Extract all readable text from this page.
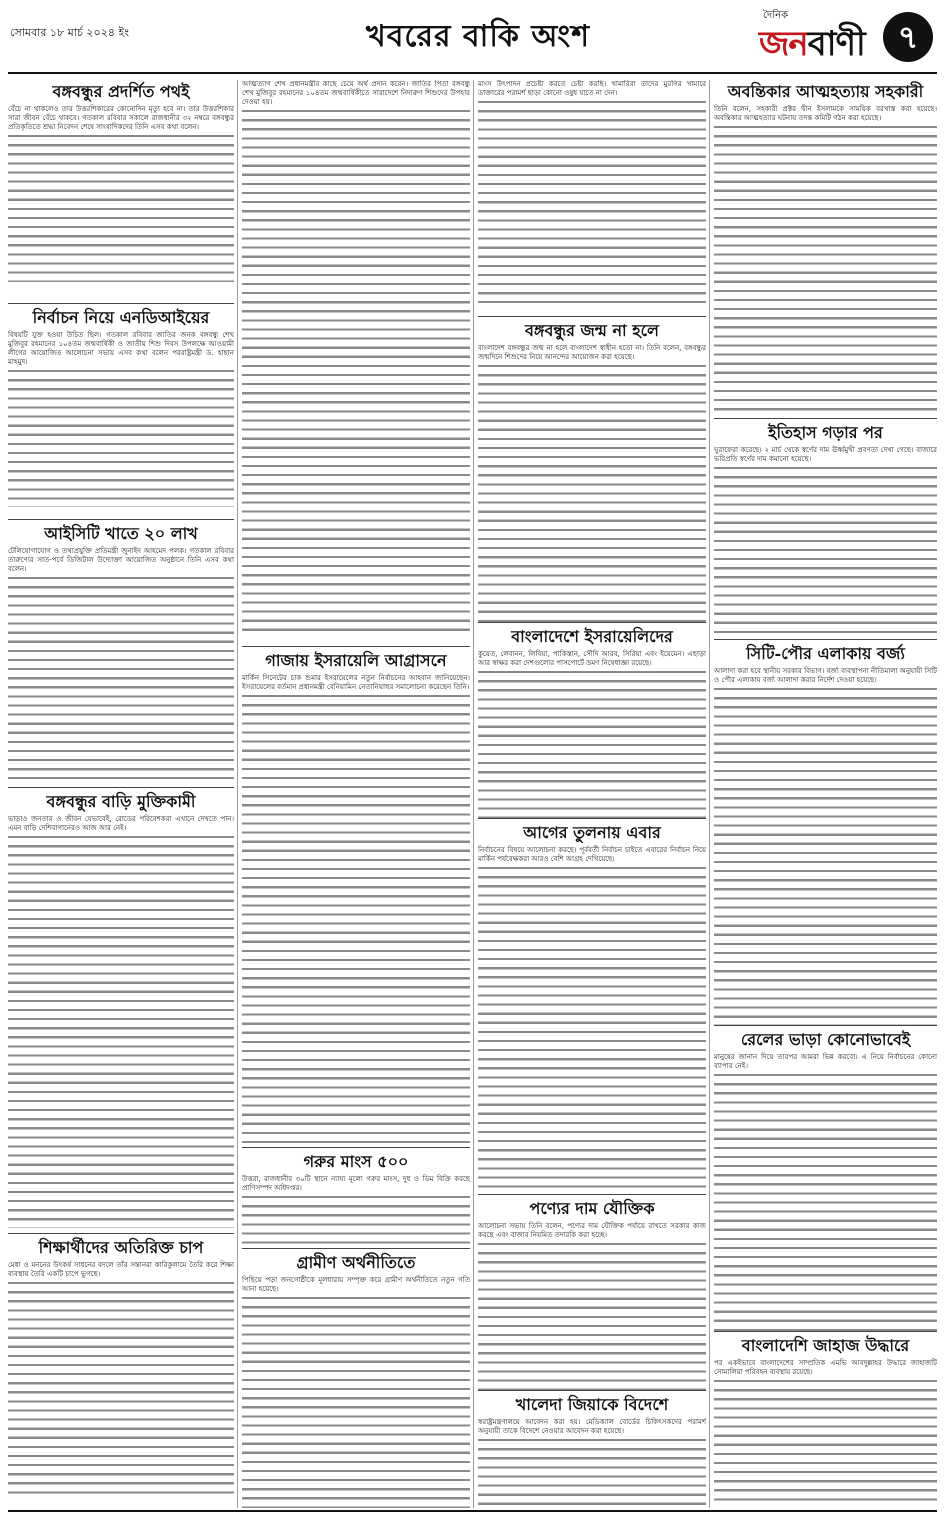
সোমবার ১৮ মার্চ ২০২৪ ইং	খবরের বাকি অংশ
দৈনিক
জনবাণী	৭
বঙ্গবন্ধুর প্রদর্শিত পথই

বেঁচে না থাকলেও তার উত্তরশিকারের কোনোদিন মৃত্যু হবে না। তার উত্তরশিকার সারা জীবন বেঁচে থাকবে। গতকাল রবিবার সকালে রাজধানীর ৩২ নম্বরে বঙ্গবন্ধুর প্রতিকৃতিতে শ্রদ্ধা নিবেদন শেষে সাংবাদিকদের তিনি এসব কথা বলেন।

নির্বাচন নিয়ে এনডিআইয়ের

বিষয়টি যুক্ত হওয়া উচিত ছিল। গতকাল রবিবার জাতির জনক বঙ্গবন্ধু শেখ মুজিবুর রহমানের ১০৪তম জন্মবার্ষিকী ও জাতীয় শিশু দিবস উপলক্ষে আওয়ামী লীগের আয়োজিত আলোচনা সভায় এসব কথা বলেন পররাষ্ট্রমন্ত্রী ড. হাছান মাহমুদ।

আইসিটি খাতে ২০ লাখ

টেলিযোগাযোগ ও তথ্যপ্রযুক্তি প্রতিমন্ত্রী জুনাইদ আহমেদ পলক। গতকাল রবিবার তারুণ্যের সাত-পর্বে ডিজিটাল উদ্যোক্তা আয়োজিত অনুষ্ঠানে তিনি এসব কথা বলেন।

বঙ্গবন্ধুর বাড়ি মুক্তিকামী

ভাড়াও জনতার ও জীবন যেভাবেই, রোডের পরিবেশকরা এখানে দেখতে পান। এমন বাড়ি দেশিবাগানেরও আজ আর নেই।

শিক্ষার্থীদের অতিরিক্ত চাপ

মেধা ও মননের উৎকর্ষ সাধনের বদলে তাঁর সন্তানরা কারিকুলামে তৈরি করে শিক্ষা ব্যবস্থায় তৈরি একটি চাপে ভুগছে।

আত্মত্যাগ শেখ প্রধানমন্ত্রীর কাছে চেয়ে অর্থ প্রদান করেন। জাতির পিতা বঙ্গবন্ধু শেখ মুজিবুর রহমানের ১০৪তম জন্মবার্ষিকীতে সারাদেশে নিদারুণ শিশুদের উপহার দেওয়া হয়।

গাজায় ইসরায়েলি আগ্রাসনে

মার্কিন সিনেটের চাক শুমার ইসরায়েলের নতুন নির্বাচনের আহবান জানিয়েছেন। ইসরায়েলের বর্তমান প্রধানমন্ত্রী বেনিয়ামিন নেতানিয়াহুর সমালোচনা করেছেন তিনি।

গরুর মাংস ৫০০

উত্তরা, রাজধানীর ৩০টি স্থানে ন্যায্য মূল্যে গরুর মাংস, দুধ ও ডিম বিক্রি করছে প্রাণিসম্পদ অধিদপ্তর।

গ্রামীণ অর্থনীতিতে

পিছিয়ে পড়া জনগোষ্ঠীকে মূলধারায় সম্পৃক্ত করে গ্রামীণ অর্থনীতিতে নতুন গতি আনা হয়েছে।

মাংস উৎপাদন প্রচেষ্টা করতে চেষ্টা করছি। খামারিরা তাদের মুরগির খামারে ডাক্তারের পরামর্শ ছাড়া কোনো ওষুধ যাতে না দেন।

বঙ্গবন্ধুর জন্ম না হলে

বাংলাদেশ বঙ্গবন্ধুর জন্ম না হলে বাংলাদেশ স্বাধীন হতো না। তিনি বলেন, বঙ্গবন্ধুর জন্মদিনে শিশুদের নিয়ে আনন্দের আয়োজন করা হয়েছে।

বাংলাদেশে ইসরায়েলিদের

কুয়েত, লেবানন, লিবিয়া, পাকিস্তান, সৌদি আরব, সিরিয়া এবং ইয়েমেন। এছাড়া আর স্বাক্ষর করা দেশগুলোর পাসপোর্টে ভ্রমণ নিষেধাজ্ঞা রয়েছে।

আগের তুলনায় এবার

নির্বাচনের বিষয়ে আলোচনা করছে। পূর্ববর্তী নির্বাচন চাইতে এবারের নির্বাচন নিয়ে মার্কিন পর্যবেক্ষকরা আরও বেশি আগ্রহ দেখিয়েছে।

পণ্যের দাম যৌক্তিক

আলোচনা সভায় তিনি বলেন, পণ্যের দাম যৌক্তিক পর্যায়ে রাখতে সরকার কাজ করছে এবং বাজার নিয়মিত তদারকি করা হচ্ছে।

খালেদা জিয়াকে বিদেশে

স্বরাষ্ট্রমন্ত্রণালয়ে আবেদন করা হয়। মেডিক্যাল বোর্ডের চিকিৎসকদের পরামর্শ অনুযায়ী তাকে বিদেশে নেওয়ার আবেদন করা হয়েছে।

অবন্তিকার আত্মহত্যায় সহকারী

তিনি বলেন, সহকারী প্রক্টর দ্বীন ইসলামকে সাময়িক বরখাস্ত করা হয়েছে। অবন্তিকার আত্মহত্যার ঘটনায় তদন্ত কমিটি গঠন করা হয়েছে।

ইতিহাস গড়ার পর

ঘুরাফেরা করেছে। ২ মার্চ থেকে স্বর্ণের দাম ঊর্ধ্বমুখী প্রবণতা দেখা গেছে। বাজারে ভরিপ্রতি স্বর্ণের দাম কমানো হয়েছে।

সিটি-পৌর এলাকায় বর্জ্য

আলাদা করা হবে স্থানীয় সরকার বিভাগ। বর্জ্য ব্যবস্থাপনা নীতিমালা অনুযায়ী সিটি ও পৌর এলাকায় বর্জ্য আলাদা করার নির্দেশ দেওয়া হয়েছে।

রেলের ভাড়া কোনোভাবেই

মানুষের জানান দিয়ে তারপর আমরা ভিন্ন করবো। এ নিয়ে নির্বাচনের কোনো ব্যাপার নেই।

বাংলাদেশি জাহাজ উদ্ধারে

পর একইভাবে বাংলাদেশের সাম্প্রতিক এমভি আবদুল্লাহর উদ্ধারে জাহাজটি সোমালিয়া পরিবহন ব্যবস্থায় রয়েছে।
